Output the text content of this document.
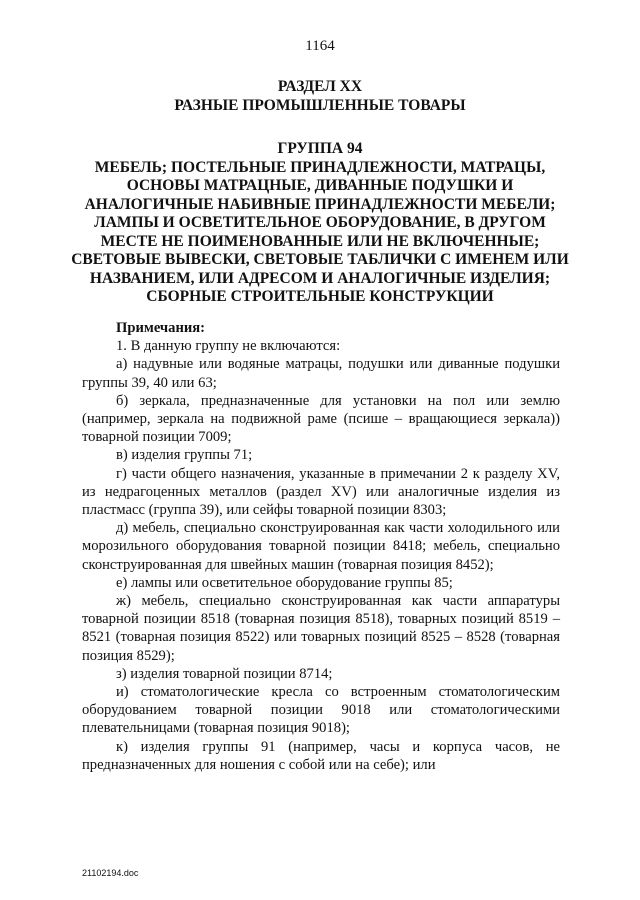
1164
РАЗДЕЛ XX
РАЗНЫЕ ПРОМЫШЛЕННЫЕ ТОВАРЫ
ГРУППА 94
МЕБЕЛЬ; ПОСТЕЛЬНЫЕ ПРИНАДЛЕЖНОСТИ, МАТРАЦЫ,
ОСНОВЫ МАТРАЦНЫЕ, ДИВАННЫЕ ПОДУШКИ И
АНАЛОГИЧНЫЕ НАБИВНЫЕ ПРИНАДЛЕЖНОСТИ МЕБЕЛИ;
ЛАМПЫ И ОСВЕТИТЕЛЬНОЕ ОБОРУДОВАНИЕ, В ДРУГОМ
МЕСТЕ НЕ ПОИМЕНОВАННЫЕ ИЛИ НЕ ВКЛЮЧЕННЫЕ;
СВЕТОВЫЕ ВЫВЕСКИ, СВЕТОВЫЕ ТАБЛИЧКИ С ИМЕНЕМ ИЛИ
НАЗВАНИЕМ, ИЛИ АДРЕСОМ И АНАЛОГИЧНЫЕ ИЗДЕЛИЯ;
СБОРНЫЕ СТРОИТЕЛЬНЫЕ КОНСТРУКЦИИ

Примечания:

1. В данную группу не включаются:

а) надувные или водяные матрацы, подушки или диванные подушки группы 39, 40 или 63;

б) зеркала, предназначенные для установки на пол или землю (например, зеркала на подвижной раме (псише – вращающиеся зеркала)) товарной позиции 7009;

в) изделия группы 71;

г) части общего назначения, указанные в примечании 2 к разделу XV, из недрагоценных металлов (раздел XV) или аналогичные изделия из пластмасс (группа 39), или сейфы товарной позиции 8303;

д) мебель, специально сконструированная как части холодильного или морозильного оборудования товарной позиции 8418; мебель, специально сконструированная для швейных машин (товарная позиция 8452);

е) лампы или осветительное оборудование группы 85;

ж) мебель, специально сконструированная как части аппаратуры товарной позиции 8518 (товарная позиция 8518), товарных позиций 8519 – 8521 (товарная позиция 8522) или товарных позиций 8525 – 8528 (товарная позиция 8529);

з) изделия товарной позиции 8714;

и) стоматологические кресла со встроенным стоматологическим оборудованием товарной позиции 9018 или стоматологическими плевательницами (товарная позиция 9018);

к) изделия группы 91 (например, часы и корпуса часов, не предназначенных для ношения с собой или на себе); или

21102194.doc
